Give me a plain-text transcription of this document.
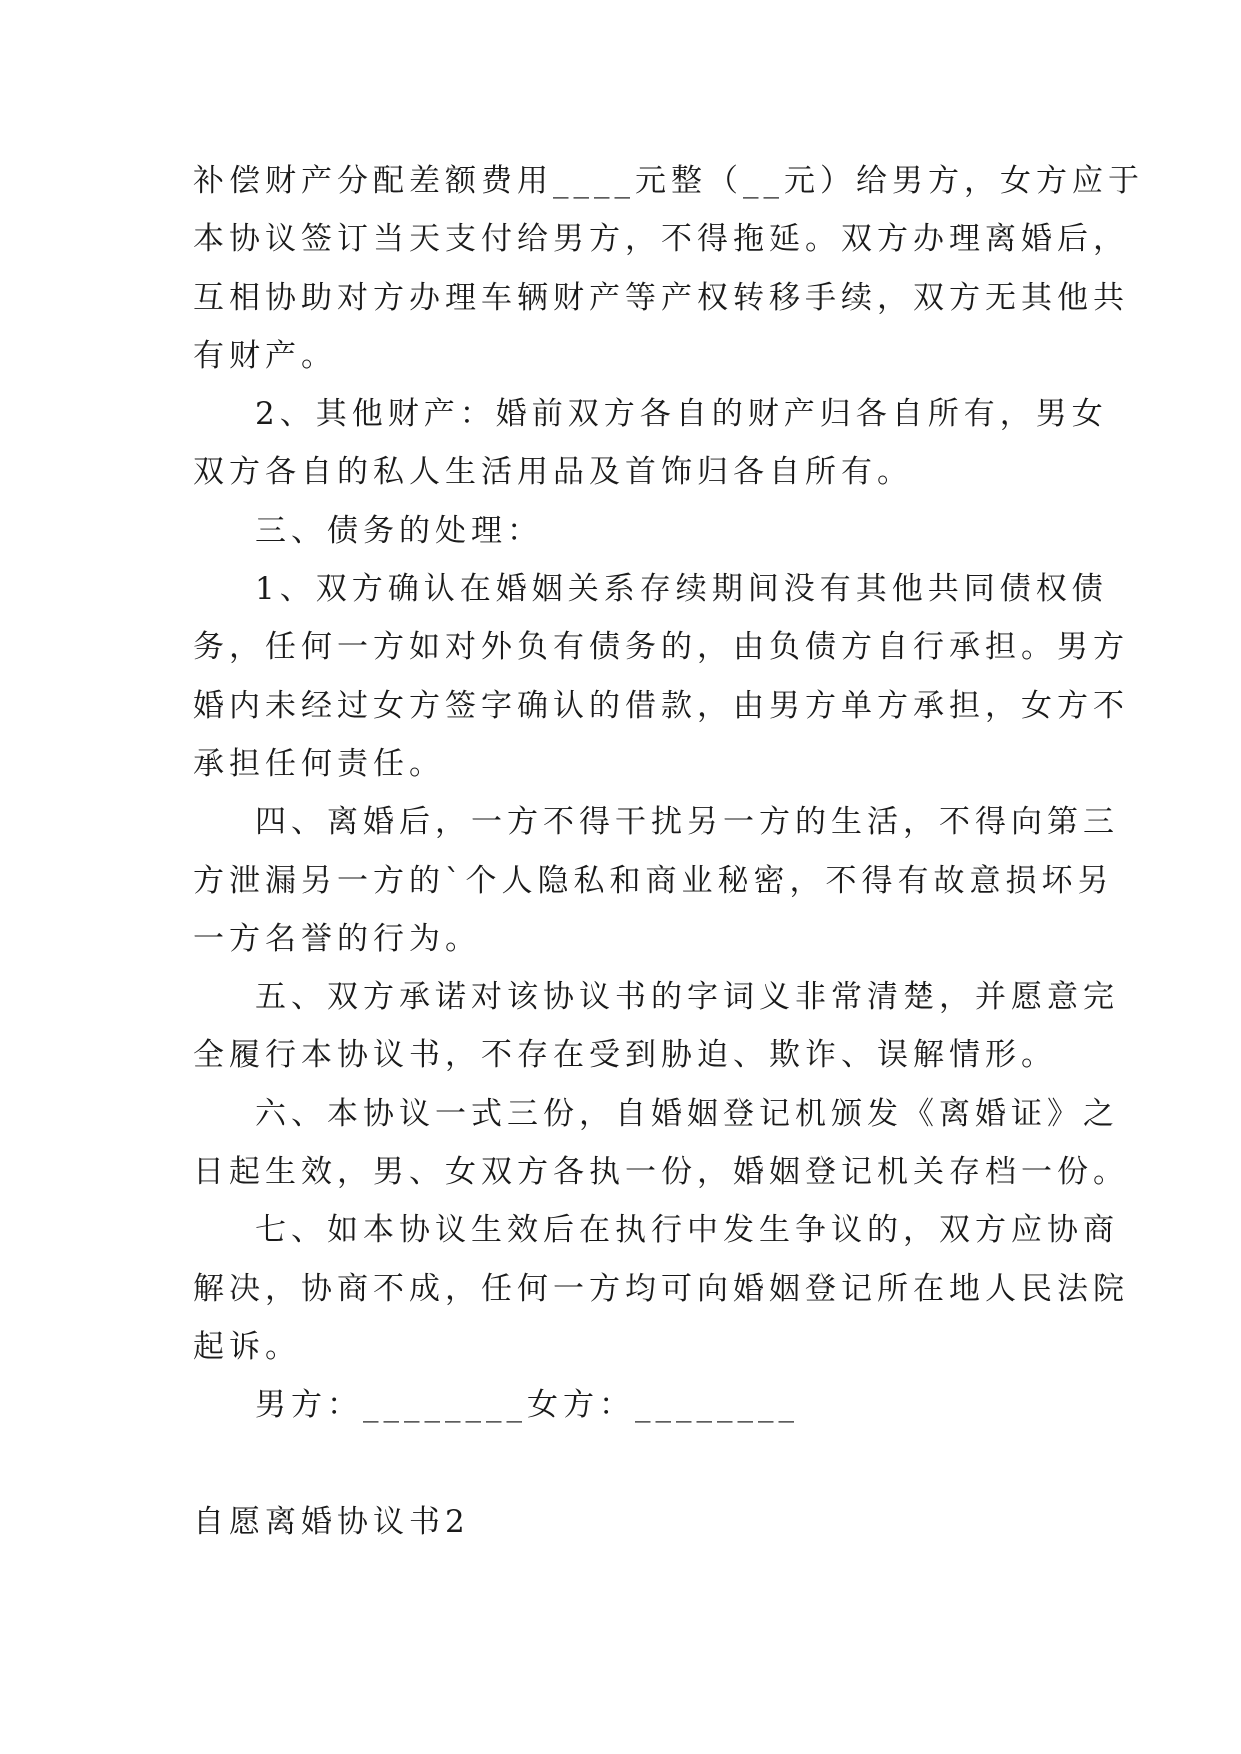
补偿财产分配差额费用____元整（__元）给男方，女方应于
本协议签订当天支付给男方，不得拖延。双方办理离婚后，
互相协助对方办理车辆财产等产权转移手续，双方无其他共
有财产。
2、其他财产：婚前双方各自的财产归各自所有，男女
双方各自的私人生活用品及首饰归各自所有。
三、债务的处理：
1、双方确认在婚姻关系存续期间没有其他共同债权债
务，任何一方如对外负有债务的，由负债方自行承担。男方
婚内未经过女方签字确认的借款，由男方单方承担，女方不
承担任何责任。
四、离婚后，一方不得干扰另一方的生活，不得向第三
方泄漏另一方的`个人隐私和商业秘密，不得有故意损坏另
一方名誉的行为。
五、双方承诺对该协议书的字词义非常清楚，并愿意完
全履行本协议书，不存在受到胁迫、欺诈、误解情形。
六、本协议一式三份，自婚姻登记机颁发《离婚证》之
日起生效，男、女双方各执一份，婚姻登记机关存档一份。
七、如本协议生效后在执行中发生争议的，双方应协商
解决，协商不成，任何一方均可向婚姻登记所在地人民法院
起诉。
男方：________女方：________
自愿离婚协议书2
